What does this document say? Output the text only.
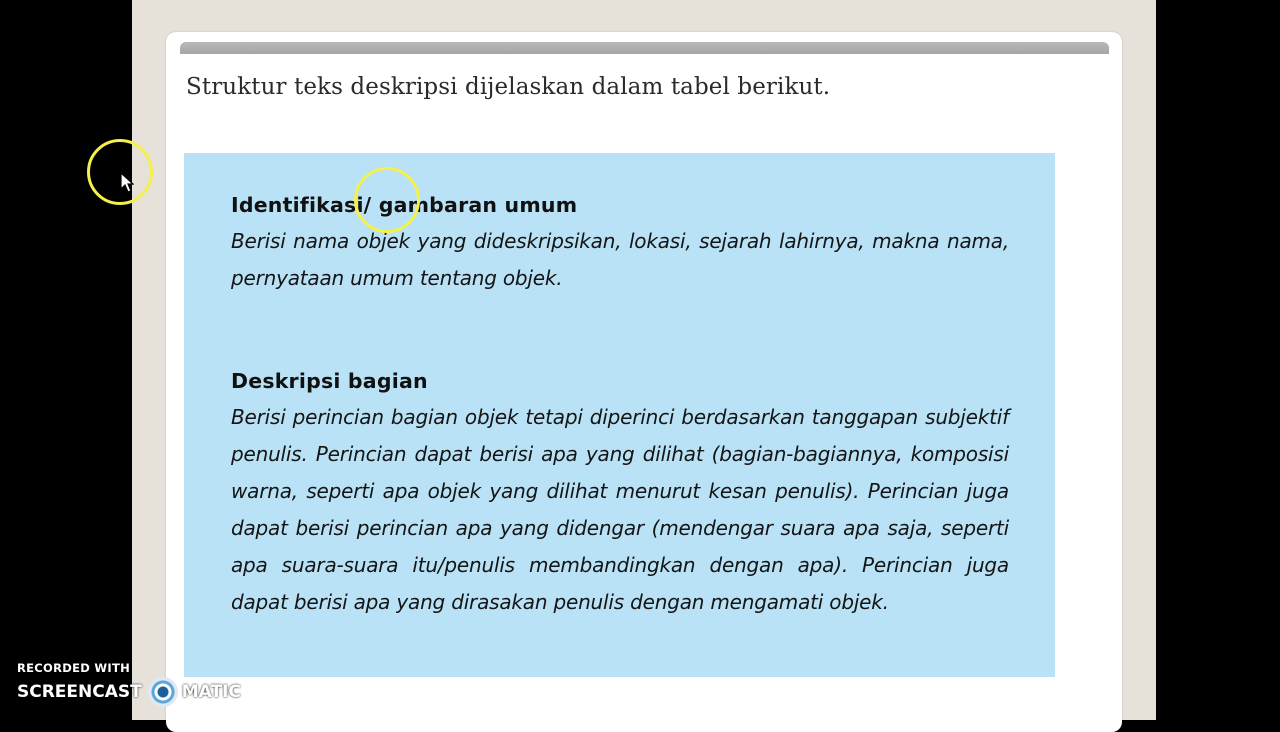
Struktur teks deskripsi dijelaskan dalam tabel berikut.

Identifikasi/ gambaran umum

Berisi nama objek yang dideskripsikan, lokasi, sejarah lahirnya, makna nama, pernyataan umum tentang objek.

Deskripsi bagian

Berisi perincian bagian objek tetapi diperinci berdasarkan tanggapan subjektif penulis. Perincian dapat berisi apa yang dilihat (bagian-bagiannya, komposisi warna, seperti apa objek yang dilihat menurut kesan penulis). Perincian juga dapat berisi perincian apa yang didengar (mendengar suara apa saja, seperti apa suara-suara itu/penulis membandingkan dengan apa). Perincian juga dapat berisi apa yang dirasakan penulis dengan mengamati objek.

RECORDED WITH
SCREENCAST MATIC
